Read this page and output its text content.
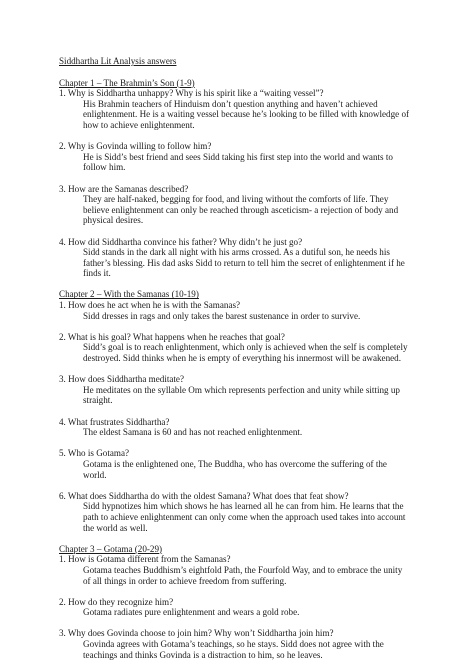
Siddhartha Lit Analysis answers
Chapter 1 – The Brahmin’s Son (1-9)
1. Why is Siddhartha unhappy? Why is his spirit like a “waiting vessel”?
His Brahmin teachers of Hinduism don’t question anything and haven’t achieved
enlightenment. He is a waiting vessel because he’s looking to be filled with knowledge of
how to achieve enlightenment.
2. Why is Govinda willing to follow him?
He is Sidd’s best friend and sees Sidd taking his first step into the world and wants to
follow him.
3. How are the Samanas described?
They are half-naked, begging for food, and living without the comforts of life. They
believe enlightenment can only be reached through asceticism- a rejection of body and
physical desires.
4. How did Siddhartha convince his father? Why didn’t he just go?
Sidd stands in the dark all night with his arms crossed. As a dutiful son, he needs his
father’s blessing. His dad asks Sidd to return to tell him the secret of enlightenment if he
finds it.
Chapter 2 – With the Samanas (10-19)
1. How does he act when he is with the Samanas?
Sidd dresses in rags and only takes the barest sustenance in order to survive.
2. What is his goal? What happens when he reaches that goal?
Sidd’s goal is to reach enlightenment, which only is achieved when the self is completely
destroyed. Sidd thinks when he is empty of everything his innermost will be awakened.
3. How does Siddhartha meditate?
He meditates on the syllable Om which represents perfection and unity while sitting up
straight.
4. What frustrates Siddhartha?
The eldest Samana is 60 and has not reached enlightenment.
5. Who is Gotama?
Gotama is the enlightened one, The Buddha, who has overcome the suffering of the
world.
6. What does Siddhartha do with the oldest Samana? What does that feat show?
Sidd hypnotizes him which shows he has learned all he can from him. He learns that the
path to achieve enlightenment can only come when the approach used takes into account
the world as well.
Chapter 3 – Gotama (20-29)
1. How is Gotama different from the Samanas?
Gotama teaches Buddhism’s eightfold Path, the Fourfold Way, and to embrace the unity
of all things in order to achieve freedom from suffering.
2. How do they recognize him?
Gotama radiates pure enlightenment and wears a gold robe.
3. Why does Govinda choose to join him? Why won’t Siddhartha join him?
Govinda agrees with Gotama’s teachings, so he stays. Sidd does not agree with the
teachings and thinks Govinda is a distraction to him, so he leaves.
